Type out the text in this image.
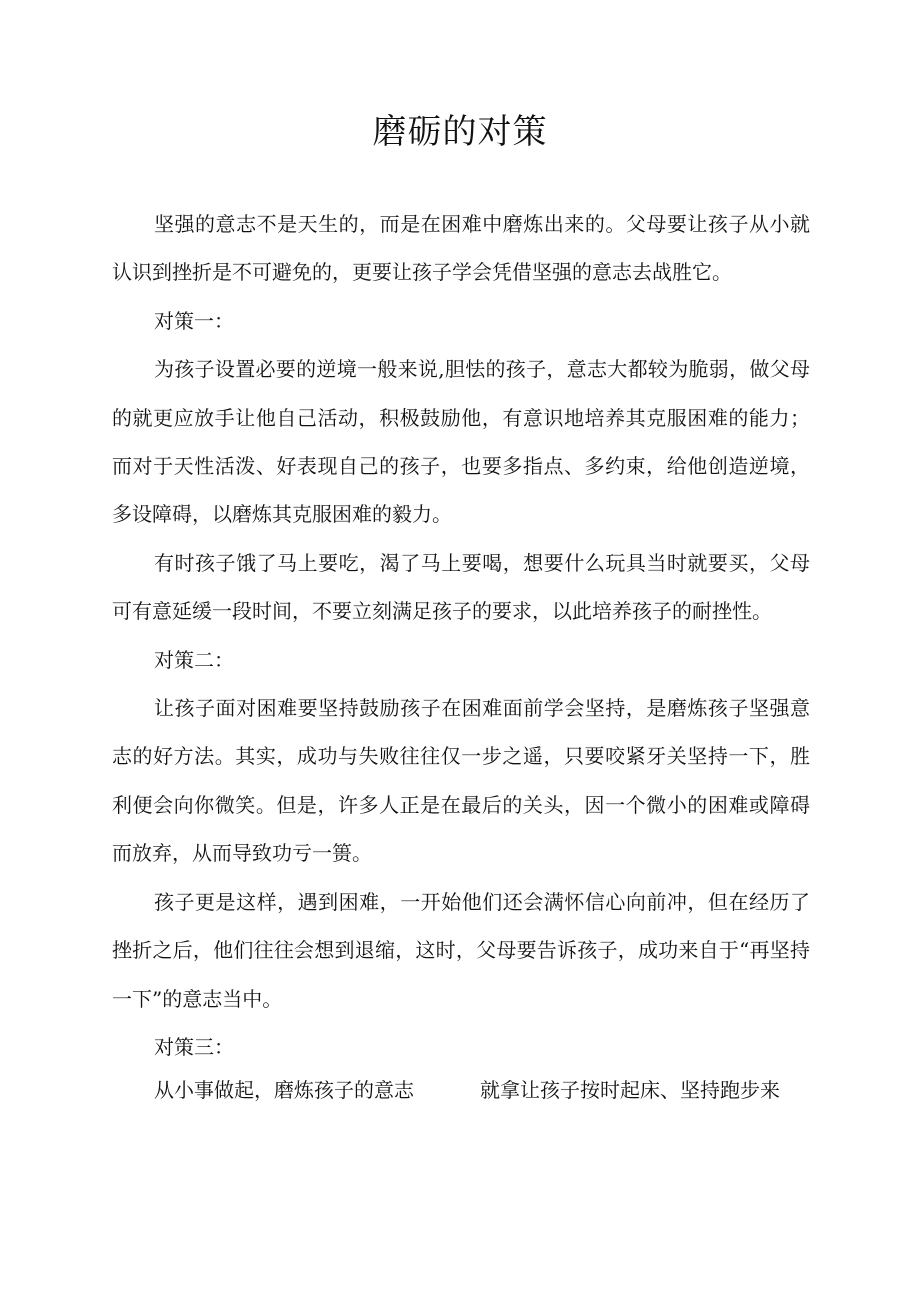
磨砺的对策

坚强的意志不是天生的，而是在困难中磨炼出来的。父母要让孩子从小就认识到挫折是不可避免的，更要让孩子学会凭借坚强的意志去战胜它。

对策一：

为孩子设置必要的逆境一般来说,胆怯的孩子，意志大都较为脆弱，做父母的就更应放手让他自己活动，积极鼓励他，有意识地培养其克服困难的能力；而对于天性活泼、好表现自己的孩子，也要多指点、多约束，给他创造逆境，多设障碍，以磨炼其克服困难的毅力。

有时孩子饿了马上要吃，渴了马上要喝，想要什么玩具当时就要买，父母可有意延缓一段时间，不要立刻满足孩子的要求，以此培养孩子的耐挫性。

对策二：

让孩子面对困难要坚持鼓励孩子在困难面前学会坚持，是磨炼孩子坚强意志的好方法。其实，成功与失败往往仅一步之遥，只要咬紧牙关坚持一下，胜利便会向你微笑。但是，许多人正是在最后的关头，因一个微小的困难或障碍而放弃，从而导致功亏一篑。

孩子更是这样，遇到困难，一开始他们还会满怀信心向前冲，但在经历了挫折之后，他们往往会想到退缩，这时，父母要告诉孩子，成功来自于“再坚持一下”的意志当中。

对策三：

从小事做起，磨炼孩子的意志	就拿让孩子按时起床、坚持跑步来
